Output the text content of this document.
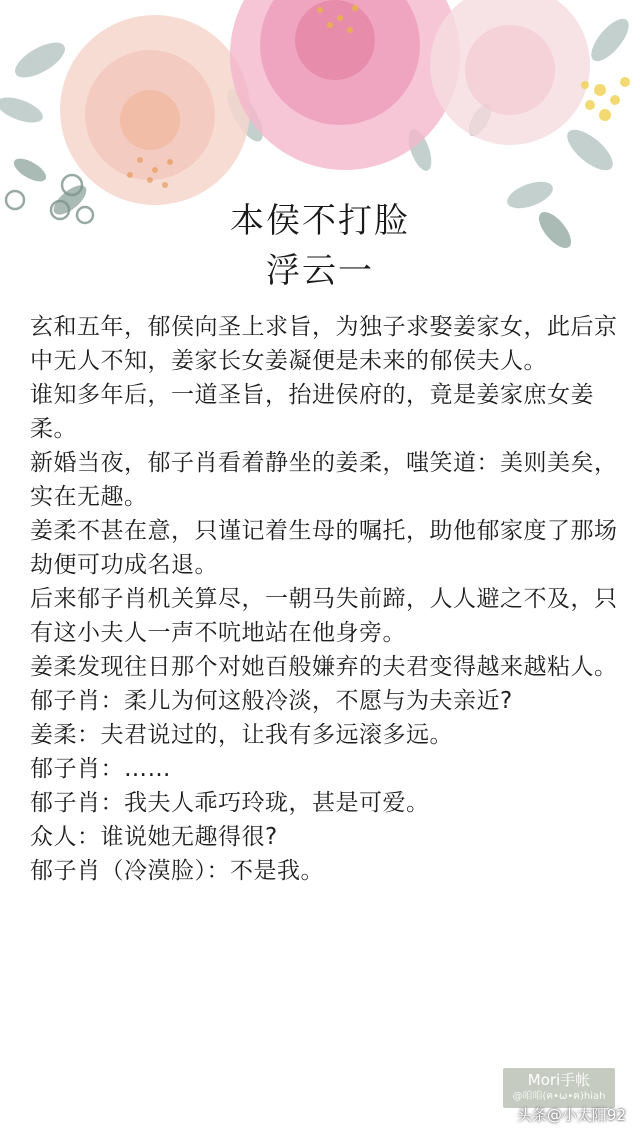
本侯不打脸
浮云一

玄和五年，郁侯向圣上求旨，为独子求娶姜家女，此后京中无人不知，姜家长女姜凝便是未来的郁侯夫人。

谁知多年后，一道圣旨，抬进侯府的，竟是姜家庶女姜柔。

新婚当夜，郁子肖看着静坐的姜柔，嗤笑道：美则美矣，实在无趣。

姜柔不甚在意，只谨记着生母的嘱托，助他郁家度了那场劫便可功成名退。

后来郁子肖机关算尽，一朝马失前蹄，人人避之不及，只有这小夫人一声不吭地站在他身旁。

姜柔发现往日那个对她百般嫌弃的夫君变得越来越粘人。

郁子肖：柔儿为何这般冷淡，不愿与为夫亲近?

姜柔：夫君说过的，让我有多远滚多远。

郁子肖：……

郁子肖：我夫人乖巧玲珑，甚是可爱。

众人：谁说她无趣得很?

郁子肖（冷漠脸）：不是我。

Mori手帐
@咱咱(ฅ•ω•ฅ)hiah
头条@小太阳92
